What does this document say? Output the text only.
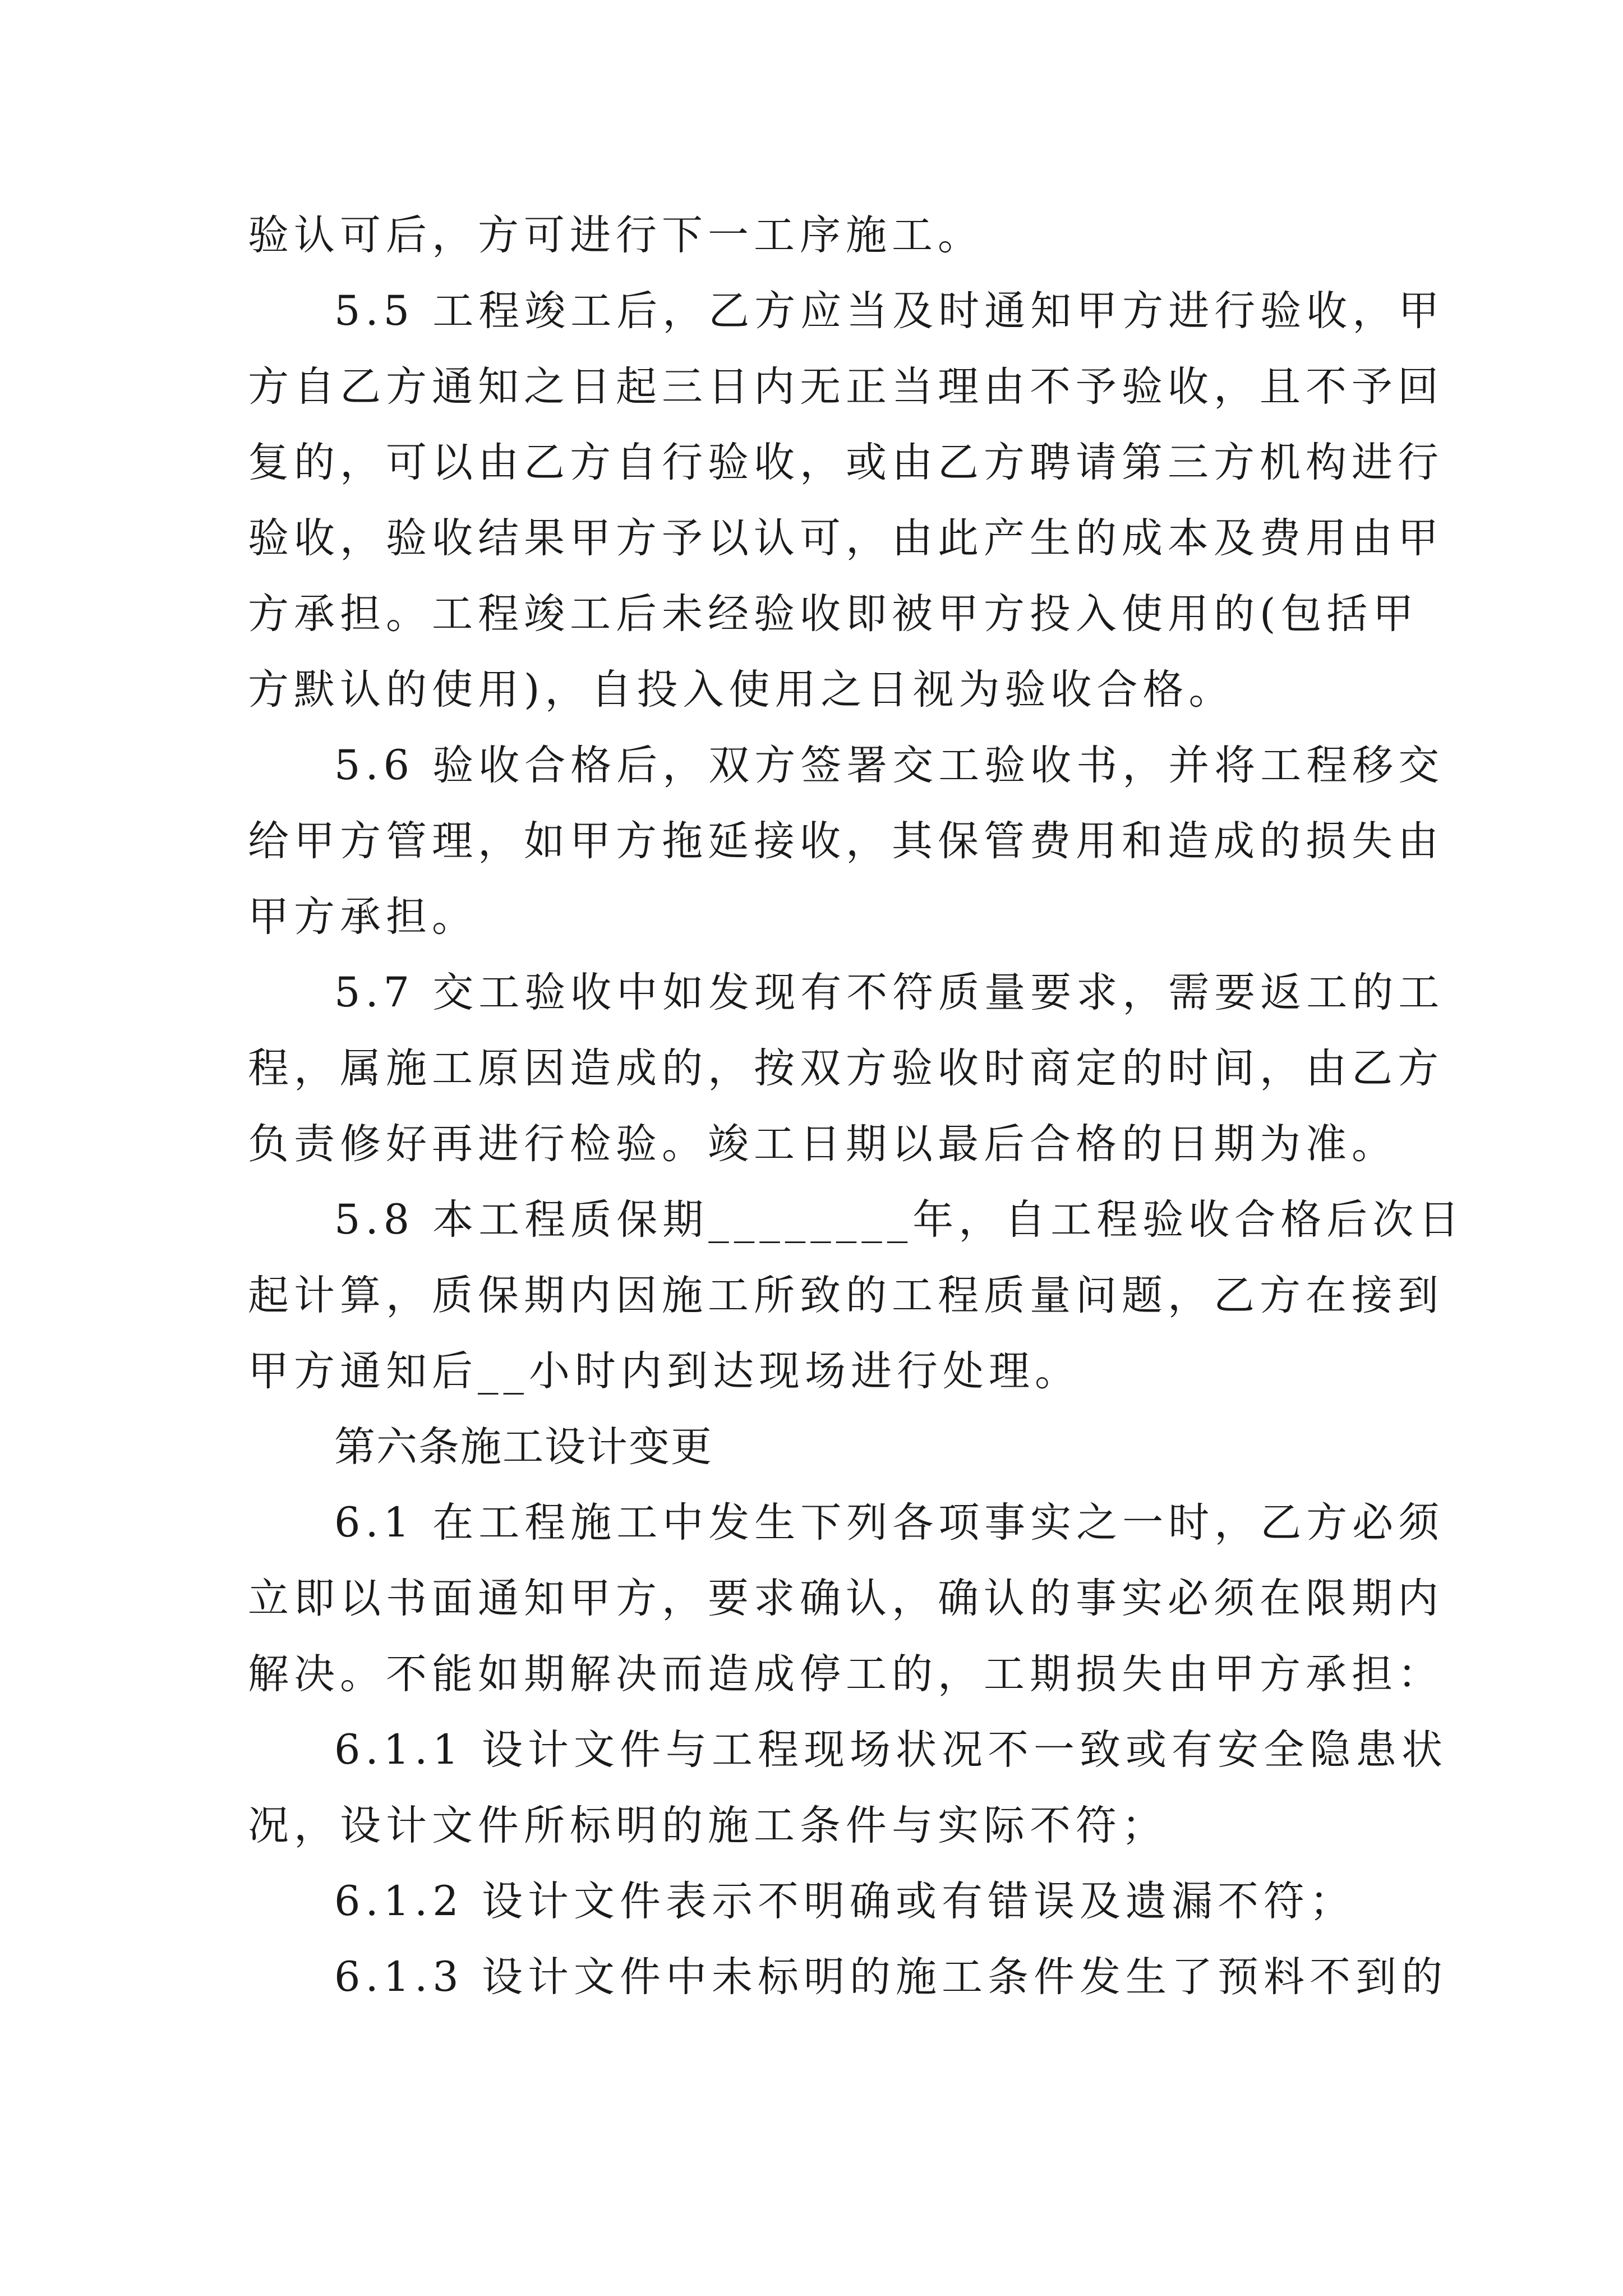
验认可后，方可进行下一工序施工。

5.5 工程竣工后，乙方应当及时通知甲方进行验收，甲

方自乙方通知之日起三日内无正当理由不予验收，且不予回

复的，可以由乙方自行验收，或由乙方聘请第三方机构进行

验收，验收结果甲方予以认可，由此产生的成本及费用由甲

方承担。工程竣工后未经验收即被甲方投入使用的(包括甲

方默认的使用)，自投入使用之日视为验收合格。

5.6 验收合格后，双方签署交工验收书，并将工程移交

给甲方管理，如甲方拖延接收，其保管费用和造成的损失由

甲方承担。

5.7 交工验收中如发现有不符质量要求，需要返工的工

程，属施工原因造成的，按双方验收时商定的时间，由乙方

负责修好再进行检验。竣工日期以最后合格的日期为准。

5.8 本工程质保期________年，自工程验收合格后次日

起计算，质保期内因施工所致的工程质量问题，乙方在接到

甲方通知后__小时内到达现场进行处理。

第六条施工设计变更

6.1 在工程施工中发生下列各项事实之一时，乙方必须

立即以书面通知甲方，要求确认，确认的事实必须在限期内

解决。不能如期解决而造成停工的，工期损失由甲方承担：

6.1.1 设计文件与工程现场状况不一致或有安全隐患状

况，设计文件所标明的施工条件与实际不符；

6.1.2 设计文件表示不明确或有错误及遗漏不符；

6.1.3 设计文件中未标明的施工条件发生了预料不到的
